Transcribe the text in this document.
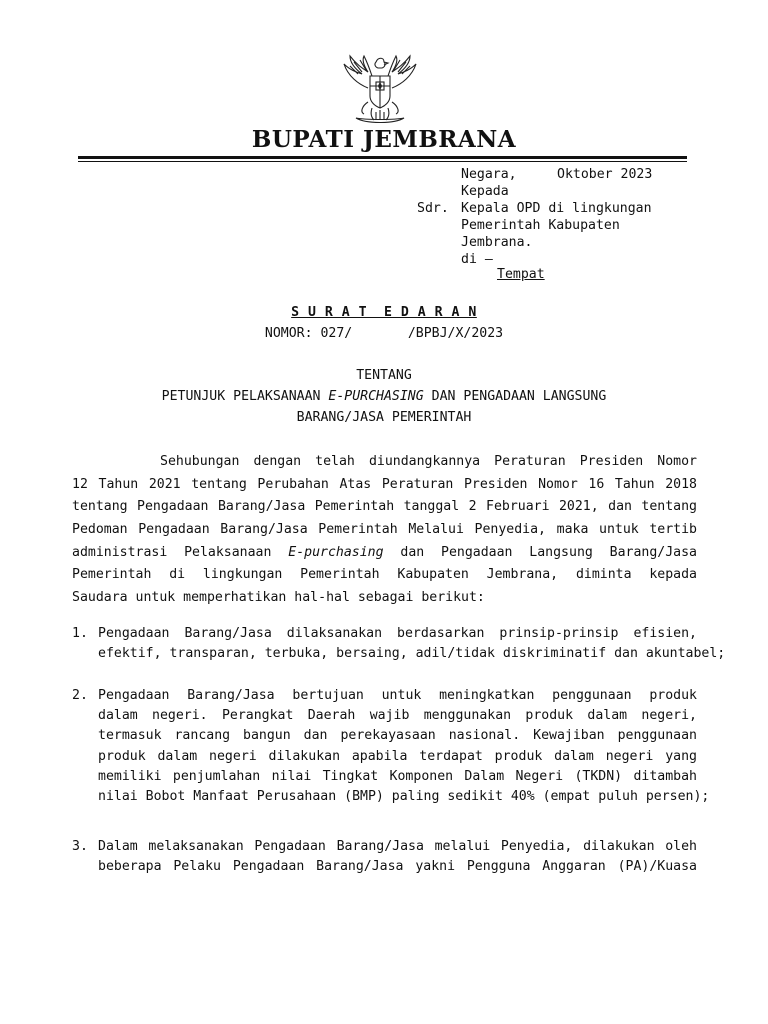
BUPATI JEMBRANA
Negara,	Oktober 2023
Kepada
Sdr. Kepala OPD di lingkungan
Pemerintah Kabupaten
Jembrana.
di –
Tempat
S U R A T  E D A R A N
NOMOR: 027/       /BPBJ/X/2023
TENTANG
PETUNJUK PELAKSANAAN E-PURCHASING DAN PENGADAAN LANGSUNG
BARANG/JASA PEMERINTAH
Sehubungan dengan telah diundangkannya Peraturan Presiden Nomor
12 Tahun 2021 tentang Perubahan Atas Peraturan Presiden Nomor 16 Tahun 2018
tentang Pengadaan Barang/Jasa Pemerintah tanggal 2 Februari 2021, dan tentang
Pedoman Pengadaan Barang/Jasa Pemerintah Melalui Penyedia, maka untuk tertib
administrasi Pelaksanaan E-purchasing dan Pengadaan Langsung Barang/Jasa
Pemerintah di lingkungan Pemerintah Kabupaten Jembrana, diminta kepada
Saudara untuk memperhatikan hal-hal sebagai berikut:
1. Pengadaan Barang/Jasa dilaksanakan berdasarkan prinsip-prinsip efisien,
efektif, transparan, terbuka, bersaing, adil/tidak diskriminatif dan akuntabel;
2. Pengadaan Barang/Jasa bertujuan untuk meningkatkan penggunaan produk
dalam negeri. Perangkat Daerah wajib menggunakan produk dalam negeri,
termasuk rancang bangun dan perekayasaan nasional. Kewajiban penggunaan
produk dalam negeri dilakukan apabila terdapat produk dalam negeri yang
memiliki penjumlahan nilai Tingkat Komponen Dalam Negeri (TKDN) ditambah
nilai Bobot Manfaat Perusahaan (BMP) paling sedikit 40% (empat puluh persen);
3. Dalam melaksanakan Pengadaan Barang/Jasa melalui Penyedia, dilakukan oleh
beberapa Pelaku Pengadaan Barang/Jasa yakni Pengguna Anggaran (PA)/Kuasa
